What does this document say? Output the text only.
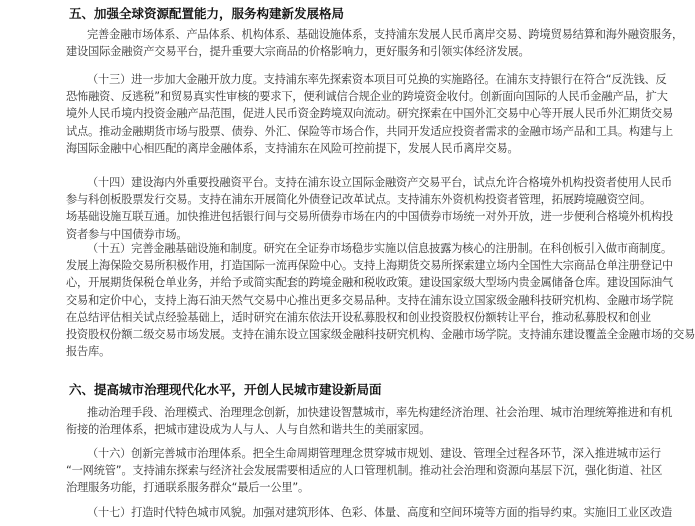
五、加强全球资源配置能力，服务构建新发展格局
完善金融市场体系、产品体系、机构体系、基础设施体系，支持浦东发展人民币离岸交易、跨境贸易结算和海外融资服务，
建设国际金融资产交易平台，提升重要大宗商品的价格影响力，更好服务和引领实体经济发展。
（十三）进一步加大金融开放力度。支持浦东率先探索资本项目可兑换的实施路径。在浦东支持银行在符合“反洗钱、反
恐怖融资、反逃税”和贸易真实性审核的要求下，便利诚信合规企业的跨境资金收付。创新面向国际的人民币金融产品，扩大
境外人民币境内投资金融产品范围，促进人民币资金跨境双向流动。研究探索在中国外汇交易中心等开展人民币外汇期货交易
试点。推动金融期货市场与股票、债券、外汇、保险等市场合作，共同开发适应投资者需求的金融市场产品和工具。构建与上
海国际金融中心相匹配的离岸金融体系，支持浦东在风险可控前提下，发展人民币离岸交易。
（十四）建设海内外重要投融资平台。支持在浦东设立国际金融资产交易平台，试点允许合格境外机构投资者使用人民币
参与科创板股票发行交易。支持在浦东开展简化外债登记改革试点。支持浦东外资机构投资者管理，拓展跨境融资空间。
场基础设施互联互通。加快推进包括银行间与交易所债券市场在内的中国债券市场统一对外开放，进一步便利合格境外机构投
资者参与中国债券市场。
（十五）完善金融基础设施和制度。研究在全证券市场稳步实施以信息披露为核心的注册制。在科创板引入做市商制度。
发展上海保险交易所积极作用，打造国际一流再保险中心。支持上海期货交易所探索建立场内全国性大宗商品仓单注册登记中
心，开展期货保税仓单业务，并给予或简实配套的跨境金融和税收政策。建设国家级大型场内贵金属储备仓库。建设国际油气
交易和定价中心，支持上海石油天然气交易中心推出更多交易品种。支持在浦东设立国家级金融科技研究机构、金融市场学院
在总结评估相关试点经验基础上，适时研究在浦东依法开设私募股权和创业投资股权份额转让平台，推动私募股权和创业
投资股权份额二级交易市场发展。支持在浦东设立国家级金融科技研究机构、金融市场学院。支持浦东建设覆盖全金融市场的交易
报告库。
六、提高城市治理现代化水平，开创人民城市建设新局面
推动治理手段、治理模式、治理理念创新，加快建设智慧城市，率先构建经济治理、社会治理、城市治理统筹推进和有机
衔接的治理体系，把城市建设成为人与人、人与自然和谐共生的美丽家园。
（十六）创新完善城市治理体系。把全生命周期管理理念贯穿城市规划、建设、管理全过程各环节，深入推进城市运行
“一网统管”。支持浦东探索与经济社会发展需要相适应的人口管理机制。推动社会治理和资源向基层下沉，强化街道、社区
治理服务功能，打通联系服务群众“最后一公里”。
（十七）打造时代特色城市风貌。加强对建筑形体、色彩、体量、高度和空间环境等方面的指导约束。实施旧工业区改造
